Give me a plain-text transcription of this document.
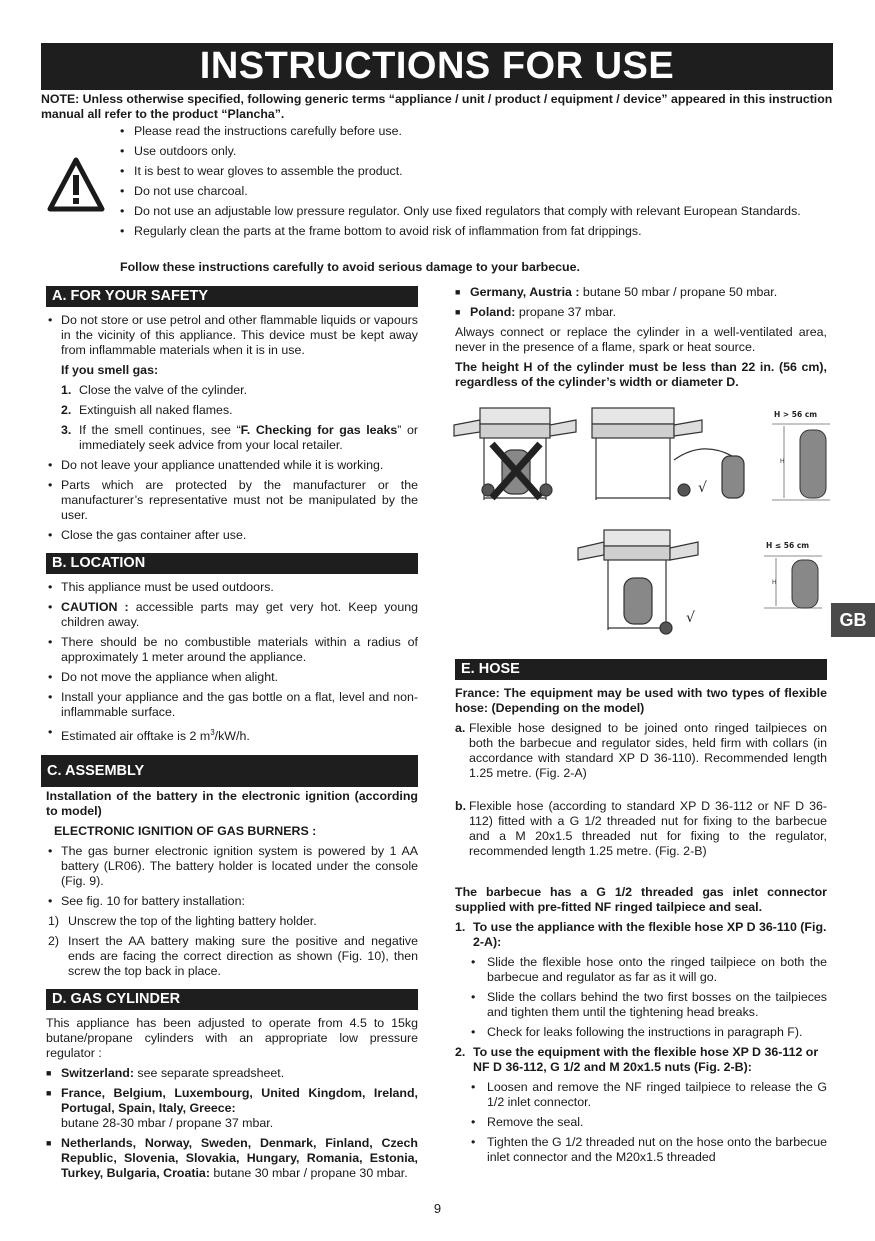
INSTRUCTIONS FOR USE
NOTE: Unless otherwise specified, following generic terms “appliance / unit / product / equipment / device” appeared in this instruction manual all refer to the product “Plancha”.
• Please read the instructions carefully before use.
• Use outdoors only.
• It is best to wear gloves to assemble the product.
• Do not use charcoal.
• Do not use an adjustable low pressure regulator. Only use fixed regulators that comply with relevant European Standards.
• Regularly clean the parts at the frame bottom to avoid risk of inflammation from fat drippings.
Follow these instructions carefully to avoid serious damage to your barbecue.
A. FOR YOUR SAFETY
• Do not store or use petrol and other flammable liquids or vapours in the vicinity of this appliance. This device must be kept away from inflammable materials when it is in use.
If you smell gas:
1. Close the valve of the cylinder.
2. Extinguish all naked flames.
3. If the smell continues, see “F. Checking for gas leaks” or immediately seek advice from your local retailer.
• Do not leave your appliance unattended while it is working.
• Parts which are protected by the manufacturer or the manufacturer’s representative must not be manipulated by the user.
• Close the gas container after use.
B. LOCATION
• This appliance must be used outdoors.
• CAUTION : accessible parts may get very hot. Keep young children away.
• There should be no combustible materials within a radius of approximately 1 meter around the appliance.
• Do not move the appliance when alight.
• Install your appliance and the gas bottle on a flat, level and non-inflammable surface.
• Estimated air offtake is 2 $m^3/kW/h$.
C. ASSEMBLY
Installation of the battery in the electronic ignition (according to model)
ELECTRONIC IGNITION OF GAS BURNERS :
• The gas burner electronic ignition system is powered by 1 AA battery (LR06). The battery holder is located under the console (Fig. 9).
• See fig. 10 for battery installation:
1) Unscrew the top of the lighting battery holder.
2) Insert the AA battery making sure the positive and negative ends are facing the correct direction as shown (Fig. 10), then screw the top back in place.
D. GAS CYLINDER
This appliance has been adjusted to operate from 4.5 to 15kg butane/propane cylinders with an appropriate low pressure regulator :
■ Switzerland: see separate spreadsheet.
■ France, Belgium, Luxembourg, United Kingdom, Ireland, Portugal, Spain, Italy, Greece:
butane 28-30 mbar / propane 37 mbar.
■ Netherlands, Norway, Sweden, Denmark, Finland, Czech Republic, Slovenia, Slovakia, Hungary, Romania, Estonia, Turkey, Bulgaria, Croatia: butane 30 mbar / propane 30 mbar.
■ Germany, Austria : butane 50 mbar / propane 50 mbar.
■ Poland: propane 37 mbar.
Always connect or replace the cylinder in a well-ventilated area, never in the presence of a flame, spark or heat source.
The height H of the cylinder must be less than 22 in. (56 cm), regardless of the cylinder’s width or diameter D.
√
H > 56 cm
H
√
H ≤ 56 cm
H
GB
E. HOSE
France: The equipment may be used with two types of flexible hose: (Depending on the model)
a. Flexible hose designed to be joined onto ringed tailpieces on both the barbecue and regulator sides, held firm with collars (in accordance with standard XP D 36-110). Recommended length 1.25 metre. (Fig. 2-A)
b. Flexible hose (according to standard XP D 36-112 or NF D 36-112) fitted with a G 1/2 threaded nut for fixing to the barbecue and a M 20x1.5 threaded nut for fixing to the regulator, recommended length 1.25 metre. (Fig. 2-B)
The barbecue has a G 1/2 threaded gas inlet connector supplied with pre-fitted NF ringed tailpiece and seal.
1. To use the appliance with the flexible hose XP D 36-110 (Fig. 2-A):
• Slide the flexible hose onto the ringed tailpiece on both the barbecue and regulator as far as it will go.
• Slide the collars behind the two first bosses on the tailpieces and tighten them until the tightening head breaks.
• Check for leaks following the instructions in paragraph F).
2. To use the equipment with the flexible hose XP D 36-112 or NF D 36-112, G 1/2 and M 20x1.5 nuts (Fig. 2-B):
• Loosen and remove the NF ringed tailpiece to release the G 1/2 inlet connector.
• Remove the seal.
• Tighten the G 1/2 threaded nut on the hose onto the barbecue inlet connector and the M20x1.5 threaded
9
